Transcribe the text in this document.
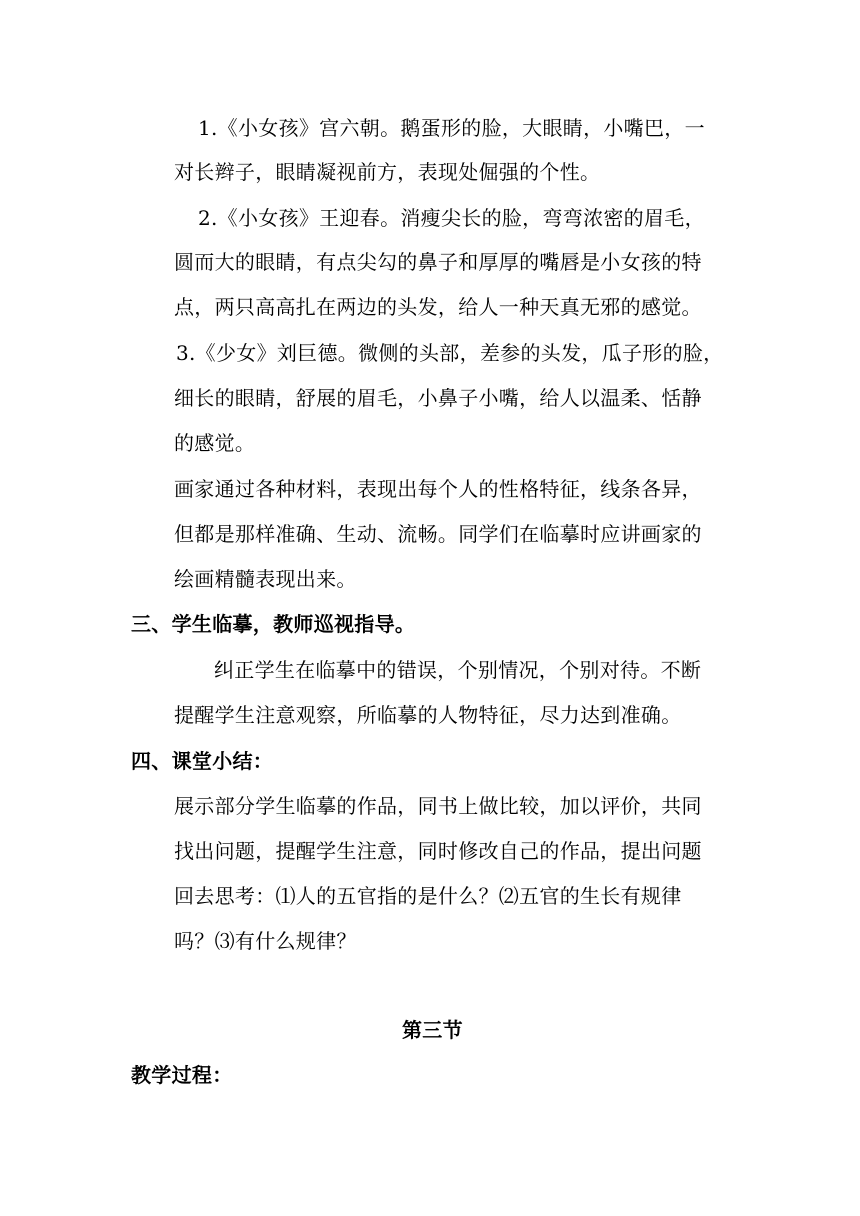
1.《小女孩》宫六朝。鹅蛋形的脸，大眼睛，小嘴巴，一
对长辫子，眼睛凝视前方，表现处倔强的个性。
2.《小女孩》王迎春。消瘦尖长的脸，弯弯浓密的眉毛，
圆而大的眼睛，有点尖勾的鼻子和厚厚的嘴唇是小女孩的特
点，两只高高扎在两边的头发，给人一种天真无邪的感觉。
3.《少女》刘巨德。微侧的头部，差参的头发，瓜子形的脸，
细长的眼睛，舒展的眉毛，小鼻子小嘴，给人以温柔、恬静
的感觉。
画家通过各种材料，表现出每个人的性格特征，线条各异，
但都是那样准确、生动、流畅。同学们在临摹时应讲画家的
绘画精髓表现出来。
三、学生临摹，教师巡视指导。
纠正学生在临摹中的错误，个别情况，个别对待。不断
提醒学生注意观察，所临摹的人物特征，尽力达到准确。
四、课堂小结：
展示部分学生临摹的作品，同书上做比较，加以评价，共同
找出问题，提醒学生注意，同时修改自己的作品，提出问题
回去思考：⑴人的五官指的是什么？⑵五官的生长有规律
吗？⑶有什么规律？
第三节
教学过程：
